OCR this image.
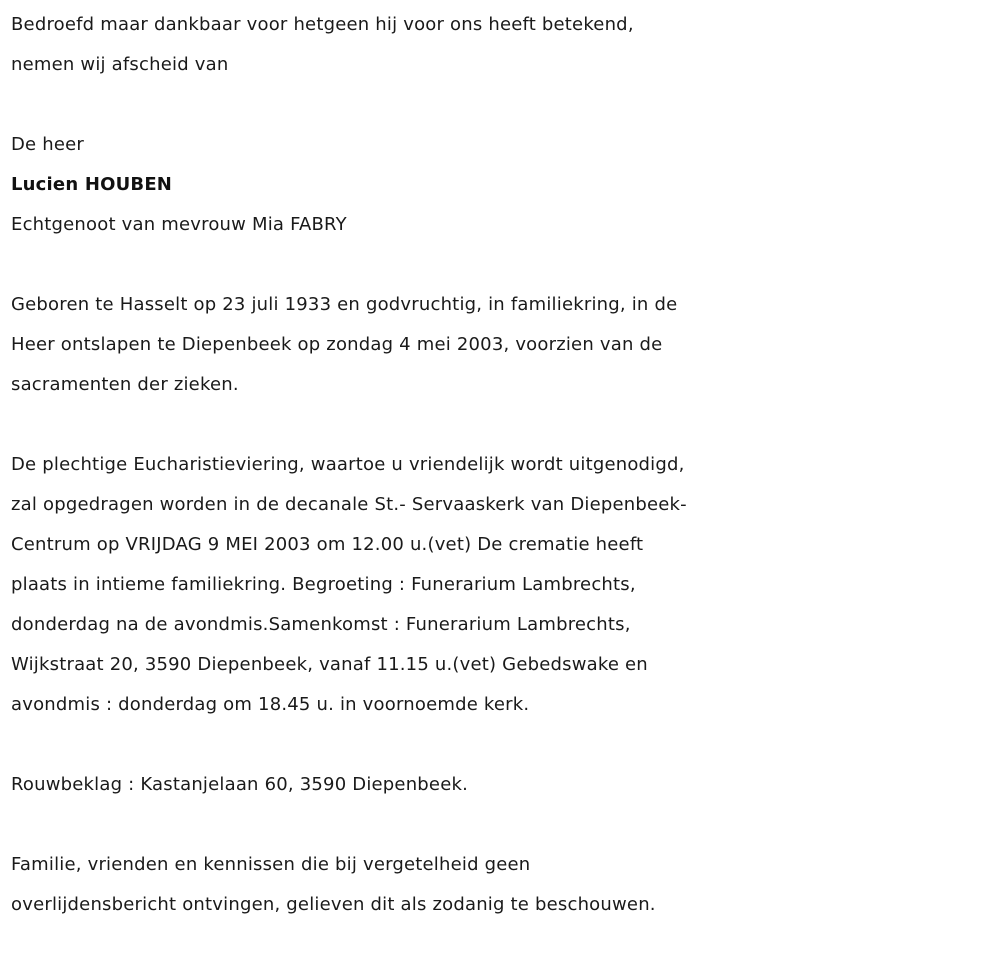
Bedroefd maar dankbaar voor hetgeen hij voor ons heeft betekend,
nemen wij afscheid van
De heer
Lucien HOUBEN
Echtgenoot van mevrouw Mia FABRY
Geboren te Hasselt op 23 juli 1933 en godvruchtig, in familiekring, in de
Heer ontslapen te Diepenbeek op zondag 4 mei 2003, voorzien van de
sacramenten der zieken.
De plechtige Eucharistieviering, waartoe u vriendelijk wordt uitgenodigd,
zal opgedragen worden in de decanale St.- Servaaskerk van Diepenbeek-
Centrum op VRIJDAG 9 MEI 2003 om 12.00 u.(vet) De crematie heeft
plaats in intieme familiekring. Begroeting : Funerarium Lambrechts,
donderdag na de avondmis.Samenkomst : Funerarium Lambrechts,
Wijkstraat 20, 3590 Diepenbeek, vanaf 11.15 u.(vet) Gebedswake en
avondmis : donderdag om 18.45 u. in voornoemde kerk.
Rouwbeklag : Kastanjelaan 60, 3590 Diepenbeek.
Familie, vrienden en kennissen die bij vergetelheid geen
overlijdensbericht ontvingen, gelieven dit als zodanig te beschouwen.
